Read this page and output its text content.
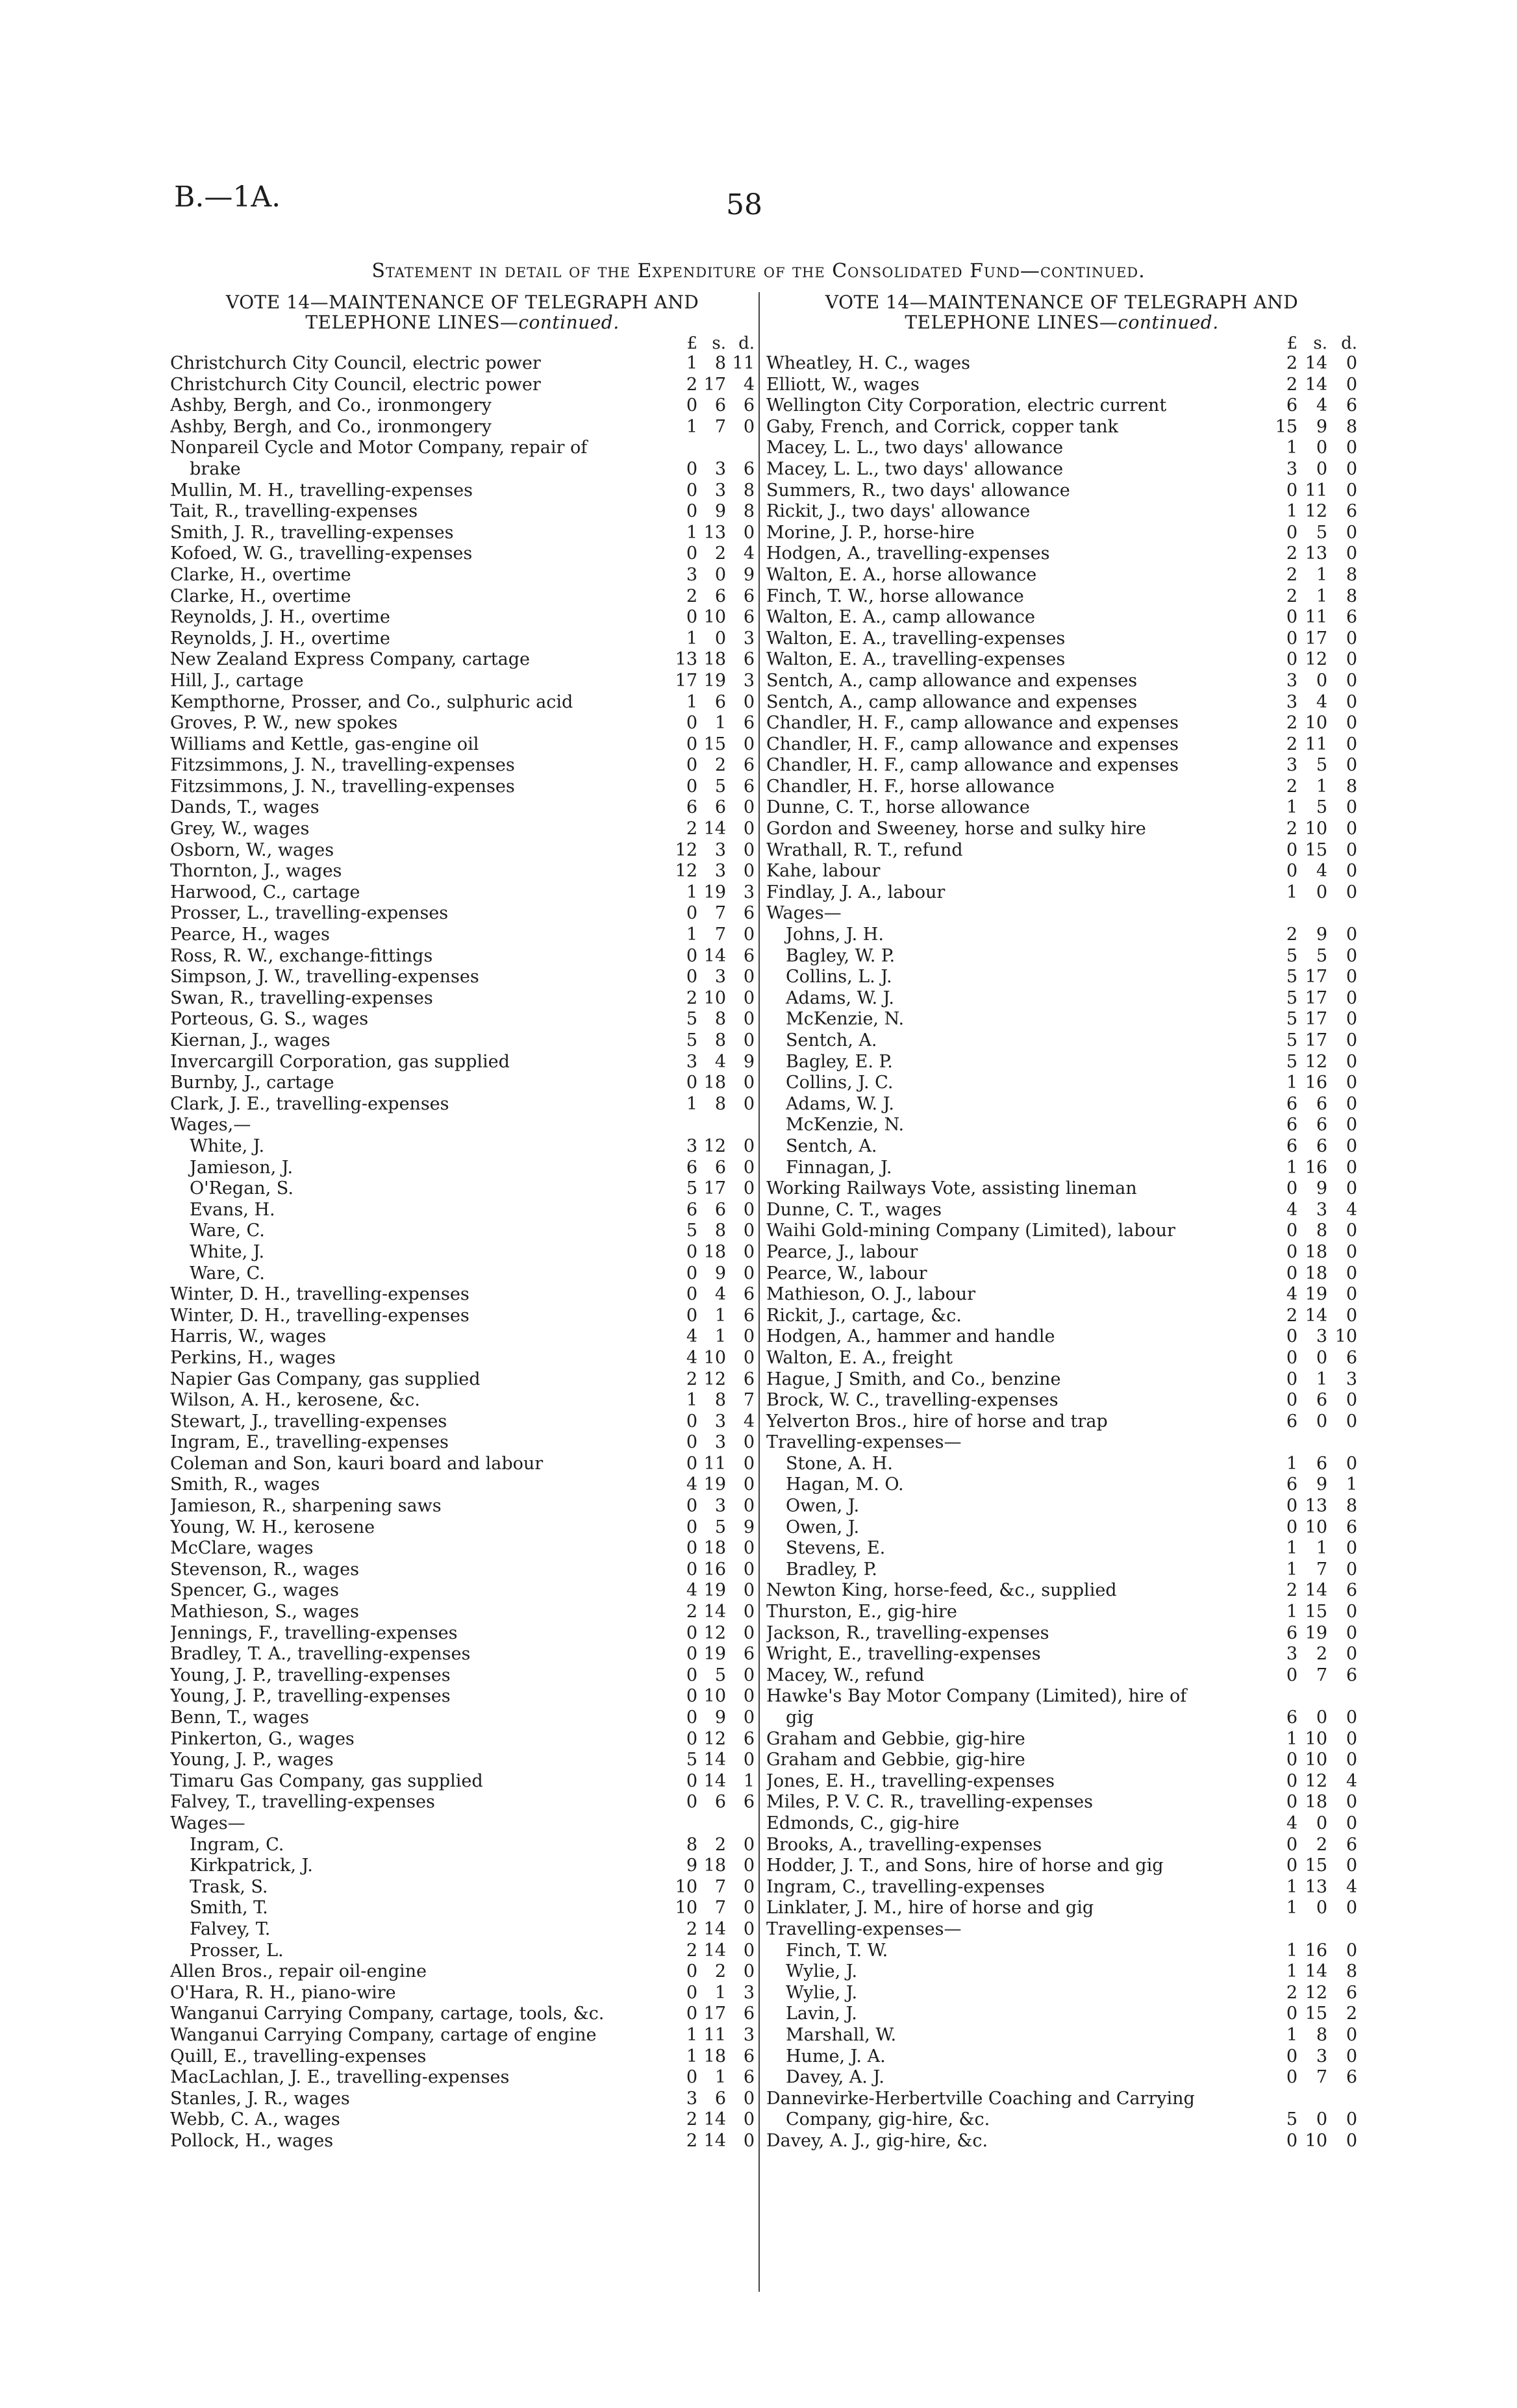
B.—1A.	58
Statement in detail of the Expenditure of the Consolidated Fund—continued.
VOTE 14—MAINTENANCE OF TELEGRAPH AND
TELEPHONE LINES—continued.
£ s. d.
Christchurch City Council, electric power	1 8 11
Christchurch City Council, electric power	2 17 4
Ashby, Bergh, and Co., ironmongery	0 6 6
Ashby, Bergh, and Co., ironmongery	1 7 0
Nonpareil Cycle and Motor Company, repair of
brake	0 3 6
Mullin, M. H., travelling-expenses	0 3 8
Tait, R., travelling-expenses	0 9 8
Smith, J. R., travelling-expenses	1 13 0
Kofoed, W. G., travelling-expenses	0 2 4
Clarke, H., overtime	3 0 9
Clarke, H., overtime	2 6 6
Reynolds, J. H., overtime	0 10 6
Reynolds, J. H., overtime	1 0 3
New Zealand Express Company, cartage	13 18 6
Hill, J., cartage	17 19 3
Kempthorne, Prosser, and Co., sulphuric acid	1 6 0
Groves, P. W., new spokes	0 1 6
Williams and Kettle, gas-engine oil	0 15 0
Fitzsimmons, J. N., travelling-expenses	0 2 6
Fitzsimmons, J. N., travelling-expenses	0 5 6
Dands, T., wages	6 6 0
Grey, W., wages	2 14 0
Osborn, W., wages	12 3 0
Thornton, J., wages	12 3 0
Harwood, C., cartage	1 19 3
Prosser, L., travelling-expenses	0 7 6
Pearce, H., wages	1 7 0
Ross, R. W., exchange-fittings	0 14 6
Simpson, J. W., travelling-expenses	0 3 0
Swan, R., travelling-expenses	2 10 0
Porteous, G. S., wages	5 8 0
Kiernan, J., wages	5 8 0
Invercargill Corporation, gas supplied	3 4 9
Burnby, J., cartage	0 18 0
Clark, J. E., travelling-expenses	1 8 0
Wages,—
White, J.	3 12 0
Jamieson, J.	6 6 0
O'Regan, S.	5 17 0
Evans, H.	6 6 0
Ware, C.	5 8 0
White, J.	0 18 0
Ware, C.	0 9 0
Winter, D. H., travelling-expenses	0 4 6
Winter, D. H., travelling-expenses	0 1 6
Harris, W., wages	4 1 0
Perkins, H., wages	4 10 0
Napier Gas Company, gas supplied	2 12 6
Wilson, A. H., kerosene, &c.	1 8 7
Stewart, J., travelling-expenses	0 3 4
Ingram, E., travelling-expenses	0 3 0
Coleman and Son, kauri board and labour	0 11 0
Smith, R., wages	4 19 0
Jamieson, R., sharpening saws	0 3 0
Young, W. H., kerosene	0 5 9
McClare, wages	0 18 0
Stevenson, R., wages	0 16 0
Spencer, G., wages	4 19 0
Mathieson, S., wages	2 14 0
Jennings, F., travelling-expenses	0 12 0
Bradley, T. A., travelling-expenses	0 19 6
Young, J. P., travelling-expenses	0 5 0
Young, J. P., travelling-expenses	0 10 0
Benn, T., wages	0 9 0
Pinkerton, G., wages	0 12 6
Young, J. P., wages	5 14 0
Timaru Gas Company, gas supplied	0 14 1
Falvey, T., travelling-expenses	0 6 6
Wages—
Ingram, C.	8 2 0
Kirkpatrick, J.	9 18 0
Trask, S.	10 7 0
Smith, T.	10 7 0
Falvey, T.	2 14 0
Prosser, L.	2 14 0
Allen Bros., repair oil-engine	0 2 0
O'Hara, R. H., piano-wire	0 1 3
Wanganui Carrying Company, cartage, tools, &c.	0 17 6
Wanganui Carrying Company, cartage of engine	1 11 3
Quill, E., travelling-expenses	1 18 6
MacLachlan, J. E., travelling-expenses	0 1 6
Stanles, J. R., wages	3 6 0
Webb, C. A., wages	2 14 0
Pollock, H., wages	2 14 0
VOTE 14—MAINTENANCE OF TELEGRAPH AND
TELEPHONE LINES—continued.
£ s. d.
Wheatley, H. C., wages	2 14	0
Elliott, W., wages	2 14	0
Wellington City Corporation, electric current	6	4	6
Gaby, French, and Corrick, copper tank	15	9	8
Macey, L. L., two days' allowance	1	0	0
Macey, L. L., two days' allowance	3	0	0
Summers, R., two days' allowance	0 11	0
Rickit, J., two days' allowance	1 12	6
Morine, J. P., horse-hire	0	5	0
Hodgen, A., travelling-expenses	2 13	0
Walton, E. A., horse allowance	2	1	8
Finch, T. W., horse allowance	2	1	8
Walton, E. A., camp allowance	0 11	6
Walton, E. A., travelling-expenses	0 17	0
Walton, E. A., travelling-expenses	0 12	0
Sentch, A., camp allowance and expenses	3	0	0
Sentch, A., camp allowance and expenses	3	4	0
Chandler, H. F., camp allowance and expenses	2 10	0
Chandler, H. F., camp allowance and expenses	2 11	0
Chandler, H. F., camp allowance and expenses	3	5	0
Chandler, H. F., horse allowance	2	1	8
Dunne, C. T., horse allowance	1	5	0
Gordon and Sweeney, horse and sulky hire	2 10	0
Wrathall, R. T., refund	0 15	0
Kahe, labour	0	4	0
Findlay, J. A., labour	1	0	0
Wages—
Johns, J. H.	2	9	0
Bagley, W. P.	5	5	0
Collins, L. J.	5 17	0
Adams, W. J.	5 17	0
McKenzie, N.	5 17	0
Sentch, A.	5 17	0
Bagley, E. P.	5 12	0
Collins, J. C.	1 16	0
Adams, W. J.	6	6	0
McKenzie, N.	6	6	0
Sentch, A.	6	6	0
Finnagan, J.	1 16	0
Working Railways Vote, assisting lineman	0	9	0
Dunne, C. T., wages	4	3	4
Waihi Gold-mining Company (Limited), labour	0	8	0
Pearce, J., labour	0 18	0
Pearce, W., labour	0 18	0
Mathieson, O. J., labour	4 19	0
Rickit, J., cartage, &c.	2 14	0
Hodgen, A., hammer and handle	0	3 10
Walton, E. A., freight	0	0	6
Hague, J Smith, and Co., benzine	0	1	3
Brock, W. C., travelling-expenses	0	6	0
Yelverton Bros., hire of horse and trap	6	0	0
Travelling-expenses—
Stone, A. H.	1	6	0
Hagan, M. O.	6	9	1
Owen, J.	0 13	8
Owen, J.	0 10	6
Stevens, E.	1	1	0
Bradley, P.	1	7	0
Newton King, horse-feed, &c., supplied	2 14	6
Thurston, E., gig-hire	1 15	0
Jackson, R., travelling-expenses	6 19	0
Wright, E., travelling-expenses	3	2	0
Macey, W., refund	0	7	6
Hawke's Bay Motor Company (Limited), hire of
gig	6	0	0
Graham and Gebbie, gig-hire	1 10	0
Graham and Gebbie, gig-hire	0 10	0
Jones, E. H., travelling-expenses	0 12	4
Miles, P. V. C. R., travelling-expenses	0 18	0
Edmonds, C., gig-hire	4	0	0
Brooks, A., travelling-expenses	0	2	6
Hodder, J. T., and Sons, hire of horse and gig	0 15	0
Ingram, C., travelling-expenses	1 13	4
Linklater, J. M., hire of horse and gig	1	0	0
Travelling-expenses—
Finch, T. W.	1 16	0
Wylie, J.	1 14	8
Wylie, J.	2 12	6
Lavin, J.	0 15	2
Marshall, W.	1	8	0
Hume, J. A.	0	3	0
Davey, A. J.	0	7	6
Dannevirke-Herbertville Coaching and Carrying
Company, gig-hire, &c.	5	0	0
Davey, A. J., gig-hire, &c.	0 10	0
